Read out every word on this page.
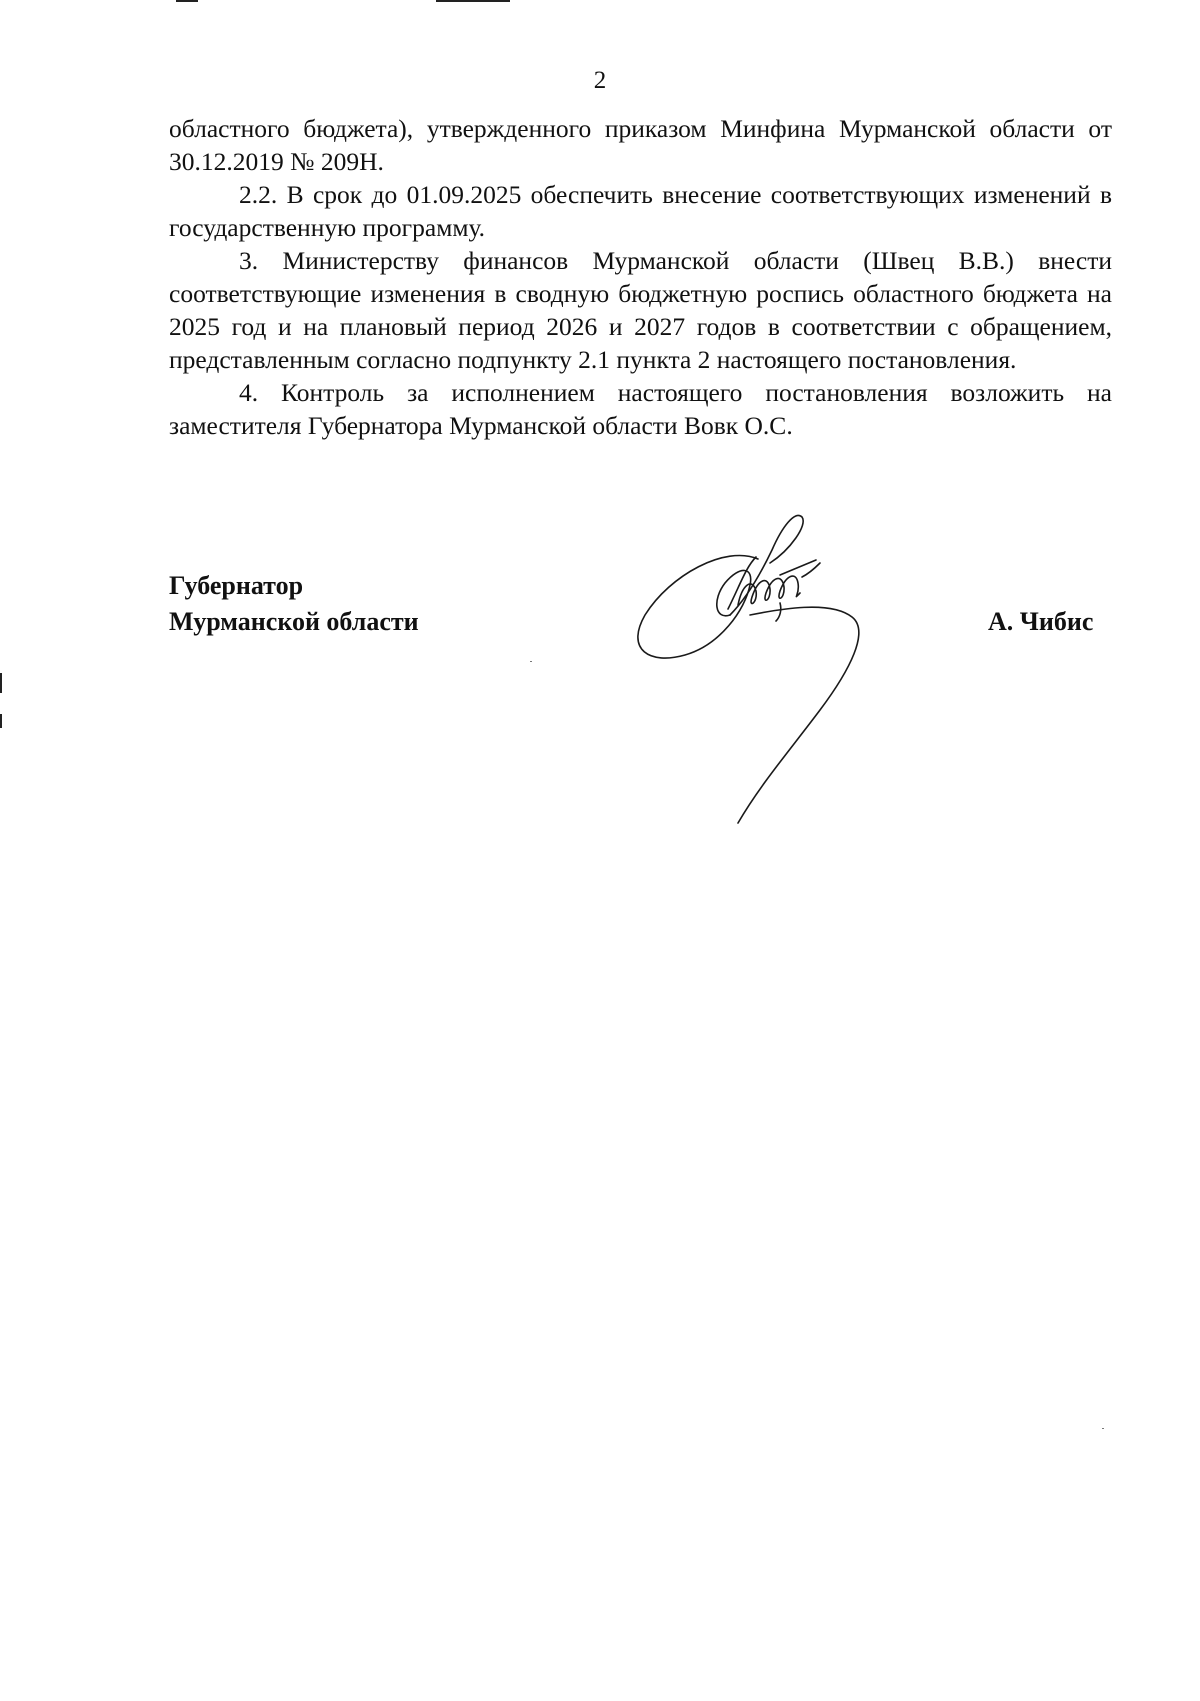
2

областного бюджета), утвержденного приказом Минфина Мурманской области от 30.12.2019 № 209Н.

2.2. В срок до 01.09.2025 обеспечить внесение соответствующих изменений в государственную программу.

3. Министерству финансов Мурманской области (Швец В.В.) внести соответствующие изменения в сводную бюджетную роспись областного бюджета на 2025 год и на плановый период 2026 и 2027 годов в соответствии с обращением, представленным согласно подпункту 2.1 пункта 2 настоящего постановления.

4. Контроль за исполнением настоящего постановления возложить на заместителя Губернатора Мурманской области Вовк О.С.

Губернатор
Мурманской области	А. Чибис
